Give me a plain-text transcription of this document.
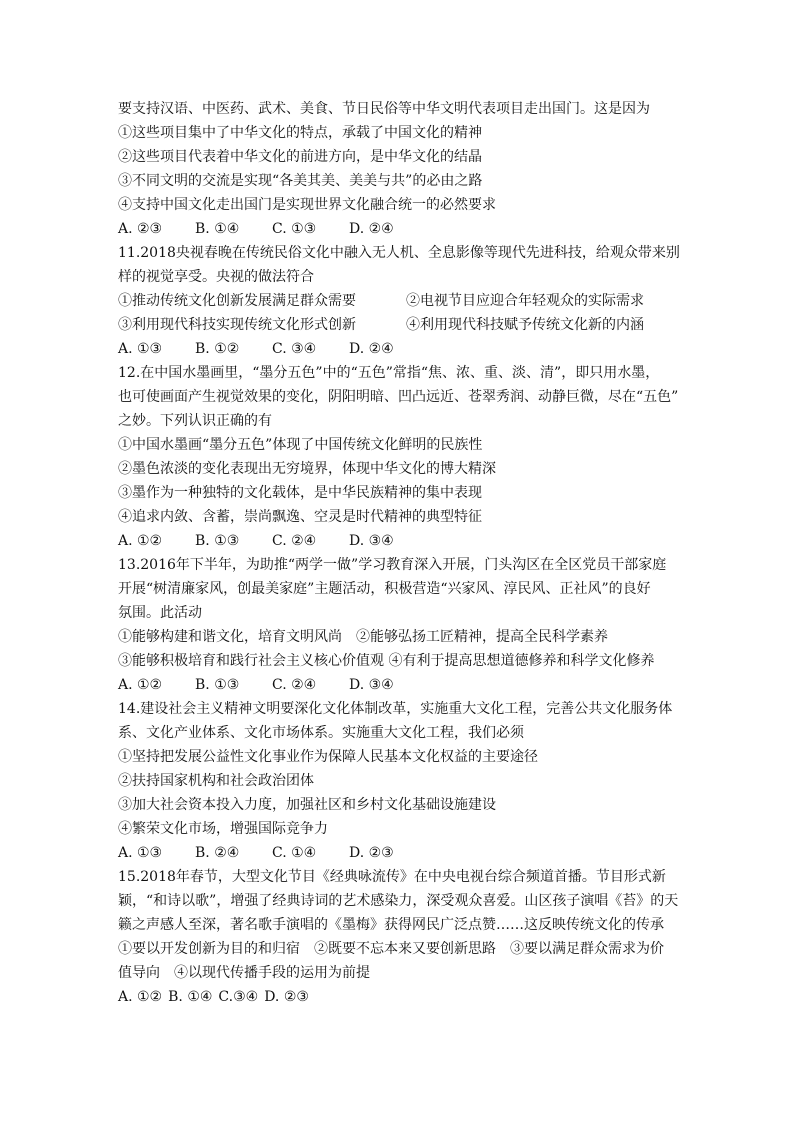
要支持汉语、中医药、武术、美食、节日民俗等中华文明代表项目走出国门。这是因为
①这些项目集中了中华文化的特点，承载了中国文化的精神
②这些项目代表着中华文化的前进方向，是中华文化的结晶
③不同文明的交流是实现“各美其美、美美与共”的必由之路
④支持中国文化走出国门是实现世界文化融合统一的必然要求
A. ②③	B. ①④	C. ①③	D. ②④
11.2018央视春晚在传统民俗文化中融入无人机、全息影像等现代先进科技，给观众带来别
样的视觉享受。央视的做法符合
①推动传统文化创新发展满足群众需要	②电视节目应迎合年轻观众的实际需求
③利用现代科技实现传统文化形式创新	④利用现代科技赋予传统文化新的内涵
A. ①③	B. ①②	C. ③④	D. ②④
12.在中国水墨画里，“墨分五色”中的“五色”常指“焦、浓、重、淡、清”，即只用水墨，
也可使画面产生视觉效果的变化，阴阳明暗、凹凸远近、苍翠秀润、动静巨微，尽在“五色”
之妙。下列认识正确的有
①中国水墨画“墨分五色”体现了中国传统文化鲜明的民族性
②墨色浓淡的变化表现出无穷境界，体现中华文化的博大精深
③墨作为一种独特的文化载体，是中华民族精神的集中表现
④追求内敛、含蓄，崇尚飘逸、空灵是时代精神的典型特征
A. ①②	B. ①③	C. ②④	D. ③④
13.2016年下半年，为助推“两学一做”学习教育深入开展，门头沟区在全区党员干部家庭
开展“树清廉家风，创最美家庭”主题活动，积极营造“兴家风、淳民风、正社风”的良好
氛围。此活动
①能够构建和谐文化，培育文明风尚　②能够弘扬工匠精神，提高全民科学素养
③能够积极培育和践行社会主义核心价值观 ④有利于提高思想道德修养和科学文化修养
A. ①②	B. ①③	C. ②④	D. ③④
14.建设社会主义精神文明要深化文化体制改革，实施重大文化工程，完善公共文化服务体
系、文化产业体系、文化市场体系。实施重大文化工程，我们必须
①坚持把发展公益性文化事业作为保障人民基本文化权益的主要途径
②扶持国家机构和社会政治团体
③加大社会资本投入力度，加强社区和乡村文化基础设施建设
④繁荣文化市场，增强国际竞争力
A. ①③	B. ②④	C. ①④	D. ②③
15.2018年春节，大型文化节目《经典咏流传》在中央电视台综合频道首播。节目形式新
颖，“和诗以歌”，增强了经典诗词的艺术感染力，深受观众喜爱。山区孩子演唱《苔》的天
籁之声感人至深，著名歌手演唱的《墨梅》获得网民广泛点赞……这反映传统文化的传承
①要以开发创新为目的和归宿　②既要不忘本来又要创新思路　③要以满足群众需求为价
值导向　④以现代传播手段的运用为前提
A. ①② B. ①④ C.③④ D. ②③
